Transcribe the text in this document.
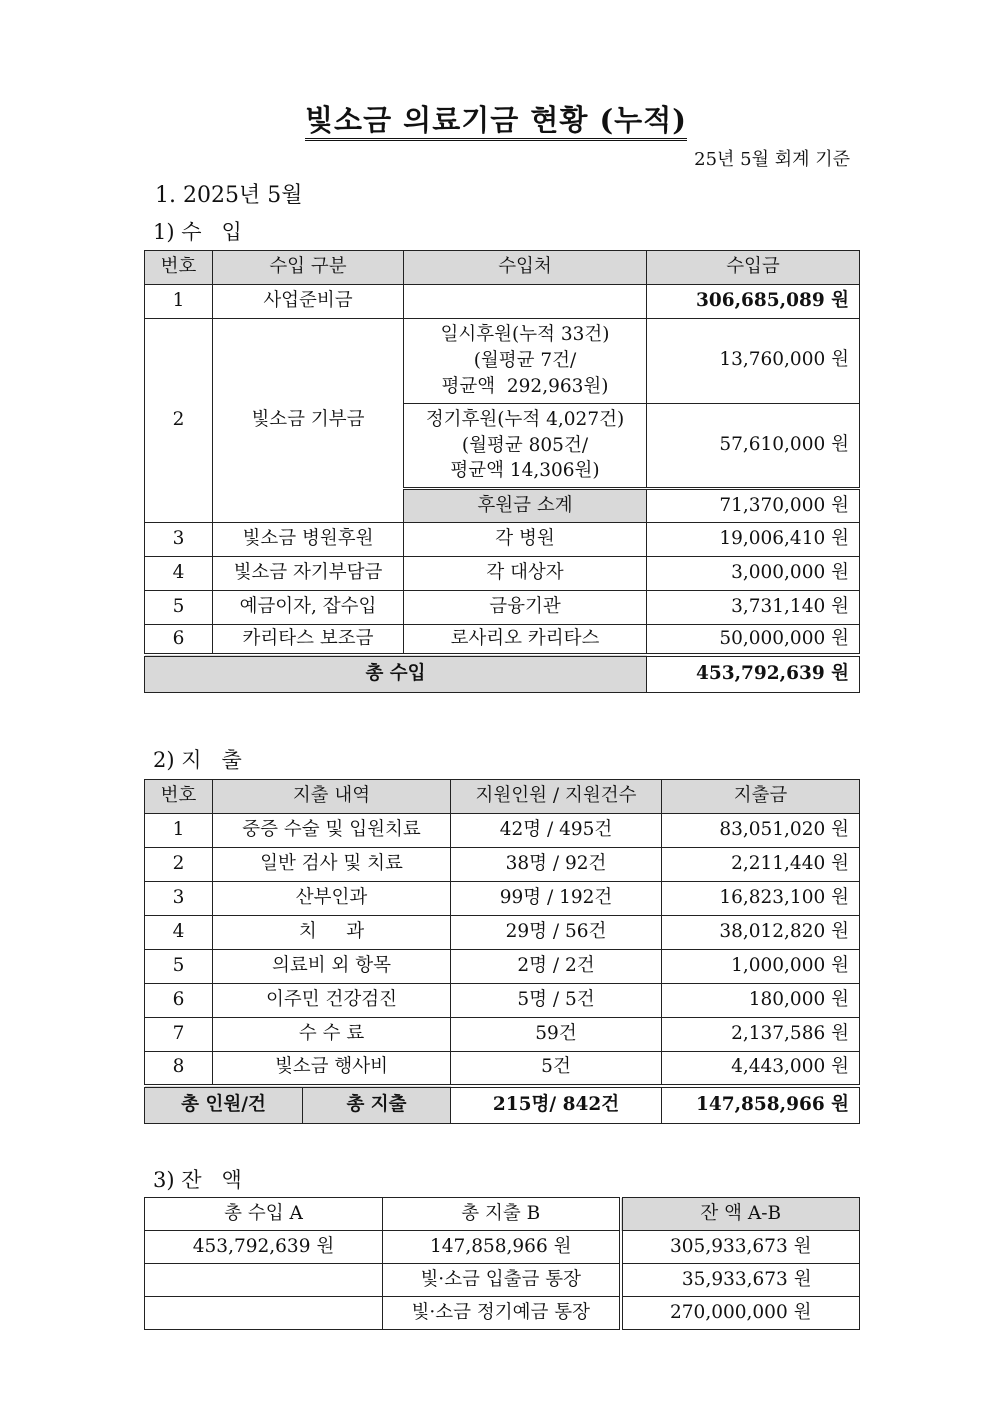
빛소금 의료기금 현황 (누적)
25년 5월 회계 기준
1. 2025년 5월
1) 수   입
번호	수입 구분	수입처	수입금
1	사업준비금		306,685,089 원
2	빛소금 기부금	일시후원(누적 33건)
(월평균 7건/
평균액  292,963원)	13,760,000 원

		정기후원(누적 4,027건)
(월평균 805건/
평균액 14,306원)	57,610,000 원
		후원금 소계	71,370,000 원
3	빛소금 병원후원	각 병원	19,006,410 원
4	빛소금 자기부담금	각 대상자	3,000,000 원
5	예금이자, 잡수입	금융기관	3,731,140 원
6	카리타스 보조금	로사리오 카리타스	50,000,000 원
총 수입			453,792,639 원
2) 지   출
번호	지출 내역		지원인원 / 지원건수	지출금
1	중증 수술 및 입원치료		42명 / 495건	83,051,020 원
2	일반 검사 및 치료		38명 / 92건	2,211,440 원
3	산부인과		99명 / 192건	16,823,100 원
4	치     과		29명 / 56건	38,012,820 원
5	의료비 외 항목		2명 / 2건	1,000,000 원
6	이주민 건강검진		5명 / 5건	180,000 원
7	수 수 료		59건	2,137,586 원
8	빛소금 행사비		5건	4,443,000 원
총 인원/건		총 지출	215명/ 842건	147,858,966 원
3) 잔   액
총 수입 A	총 지출 B	잔 액 A-B
453,792,639 원	147,858,966 원	305,933,673 원
	빛·소금 입출금 통장	35,933,673 원
	빛·소금 정기예금 통장	270,000,000 원
